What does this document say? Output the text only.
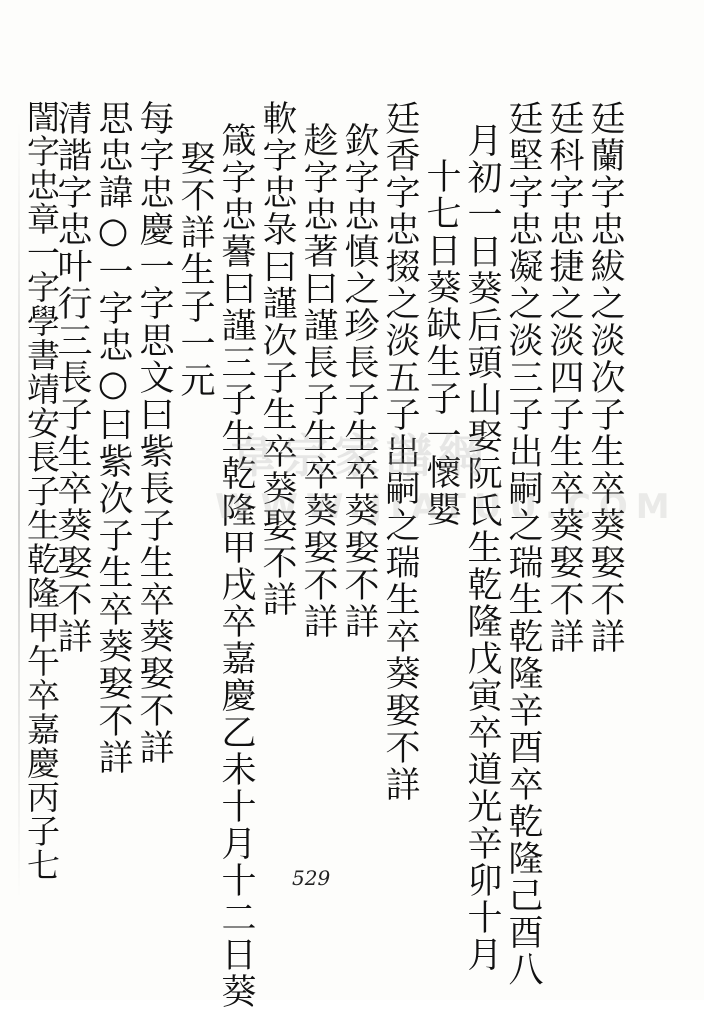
廷蘭字忠紱之淡次子生卒葵娶不詳
廷科字忠捷之淡四子生卒葵娶不詳
廷堅字忠凝之淡三子出嗣之瑞生乾隆辛酉卒乾隆己酉八
月初一日葵后頭山娶阮氏生乾隆戊寅卒道光辛卯十月
十七日葵缺生子一懷嬰
廷香字忠掇之淡五子出嗣之瑞生卒葵娶不詳
欽字忠慎之珍長子生卒葵娶不詳
趁字忠著曰謹長子生卒葵娶不詳
軟字忠彔曰謹次子生卒葵娶不詳
箴字忠謩曰謹三子生乾隆甲戌卒嘉慶乙未十月十二日葵
娶不詳生子一元
每字忠慶一字思文曰紫長子生卒葵娶不詳
思忠諱○一字忠○曰紫次子生卒葵娶不詳
清諧字忠叶行三長子生卒葵娶不詳
誾字忠章一字學書靖安長子生乾隆甲午卒嘉慶丙子七	韋宗家譜網
WWW.JIATUU.COM
529
